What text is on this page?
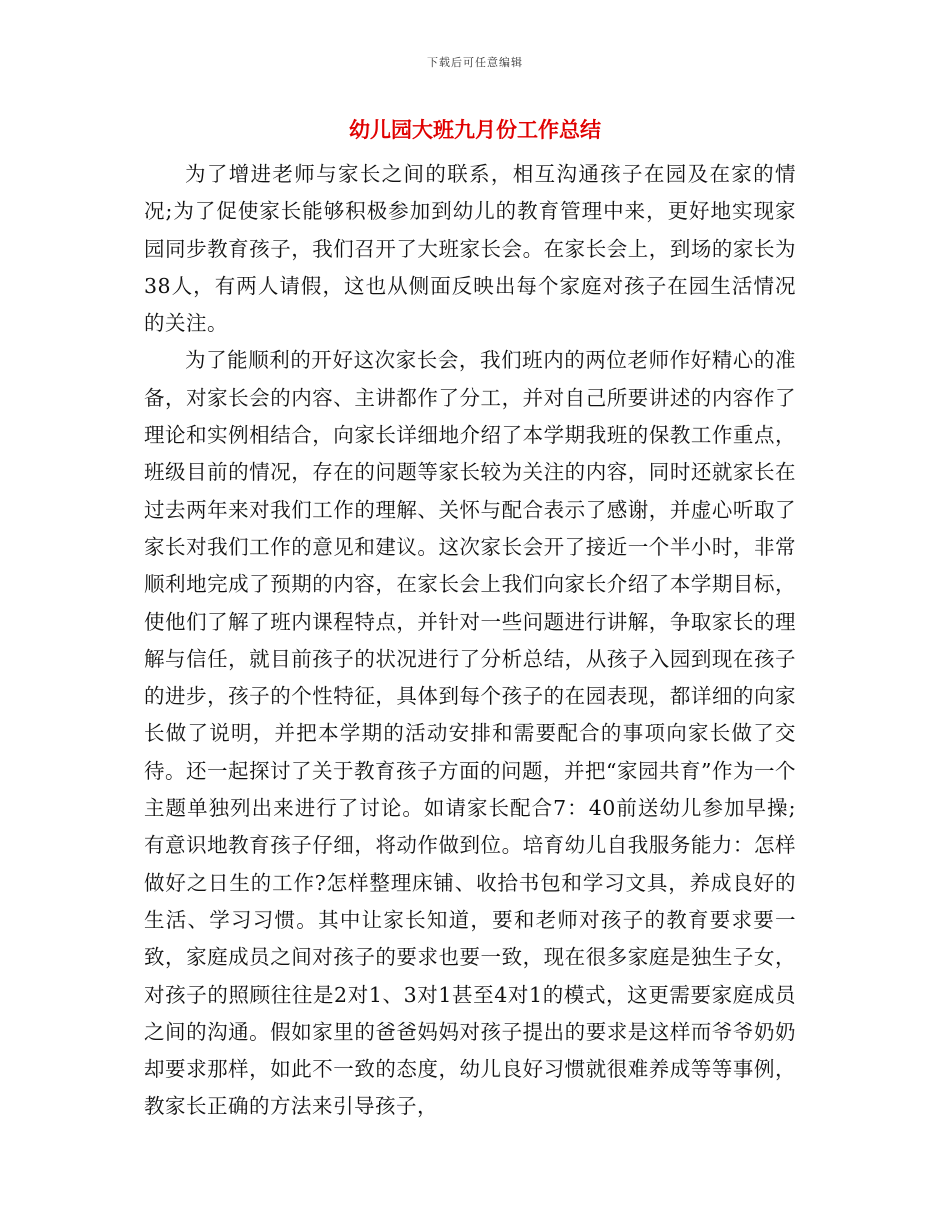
下载后可任意编辑
幼儿园大班九月份工作总结

为了增进老师与家长之间的联系，相互沟通孩子在园及在家的情况;为了促使家长能够积极参加到幼儿的教育管理中来，更好地实现家园同步教育孩子，我们召开了大班家长会。在家长会上，到场的家长为38人，有两人请假，这也从侧面反映出每个家庭对孩子在园生活情况的关注。

为了能顺利的开好这次家长会，我们班内的两位老师作好精心的准备，对家长会的内容、主讲都作了分工，并对自己所要讲述的内容作了理论和实例相结合，向家长详细地介绍了本学期我班的保教工作重点，班级目前的情况，存在的问题等家长较为关注的内容，同时还就家长在过去两年来对我们工作的理解、关怀与配合表示了感谢，并虚心听取了家长对我们工作的意见和建议。这次家长会开了接近一个半小时，非常顺利地完成了预期的内容，在家长会上我们向家长介绍了本学期目标，使他们了解了班内课程特点，并针对一些问题进行讲解，争取家长的理解与信任，就目前孩子的状况进行了分析总结，从孩子入园到现在孩子的进步，孩子的个性特征，具体到每个孩子的在园表现，都详细的向家长做了说明，并把本学期的活动安排和需要配合的事项向家长做了交待。还一起探讨了关于教育孩子方面的问题，并把“家园共育”作为一个主题单独列出来进行了讨论。如请家长配合7：40前送幼儿参加早操;有意识地教育孩子仔细，将动作做到位。培育幼儿自我服务能力：怎样做好之日生的工作?怎样整理床铺、收拾书包和学习文具，养成良好的生活、学习习惯。其中让家长知道，要和老师对孩子的教育要求要一致，家庭成员之间对孩子的要求也要一致，现在很多家庭是独生子女，对孩子的照顾往往是2对1、3对1甚至4对1的模式，这更需要家庭成员之间的沟通。假如家里的爸爸妈妈对孩子提出的要求是这样而爷爷奶奶却要求那样，如此不一致的态度，幼儿良好习惯就很难养成等等事例，教家长正确的方法来引导孩子，
